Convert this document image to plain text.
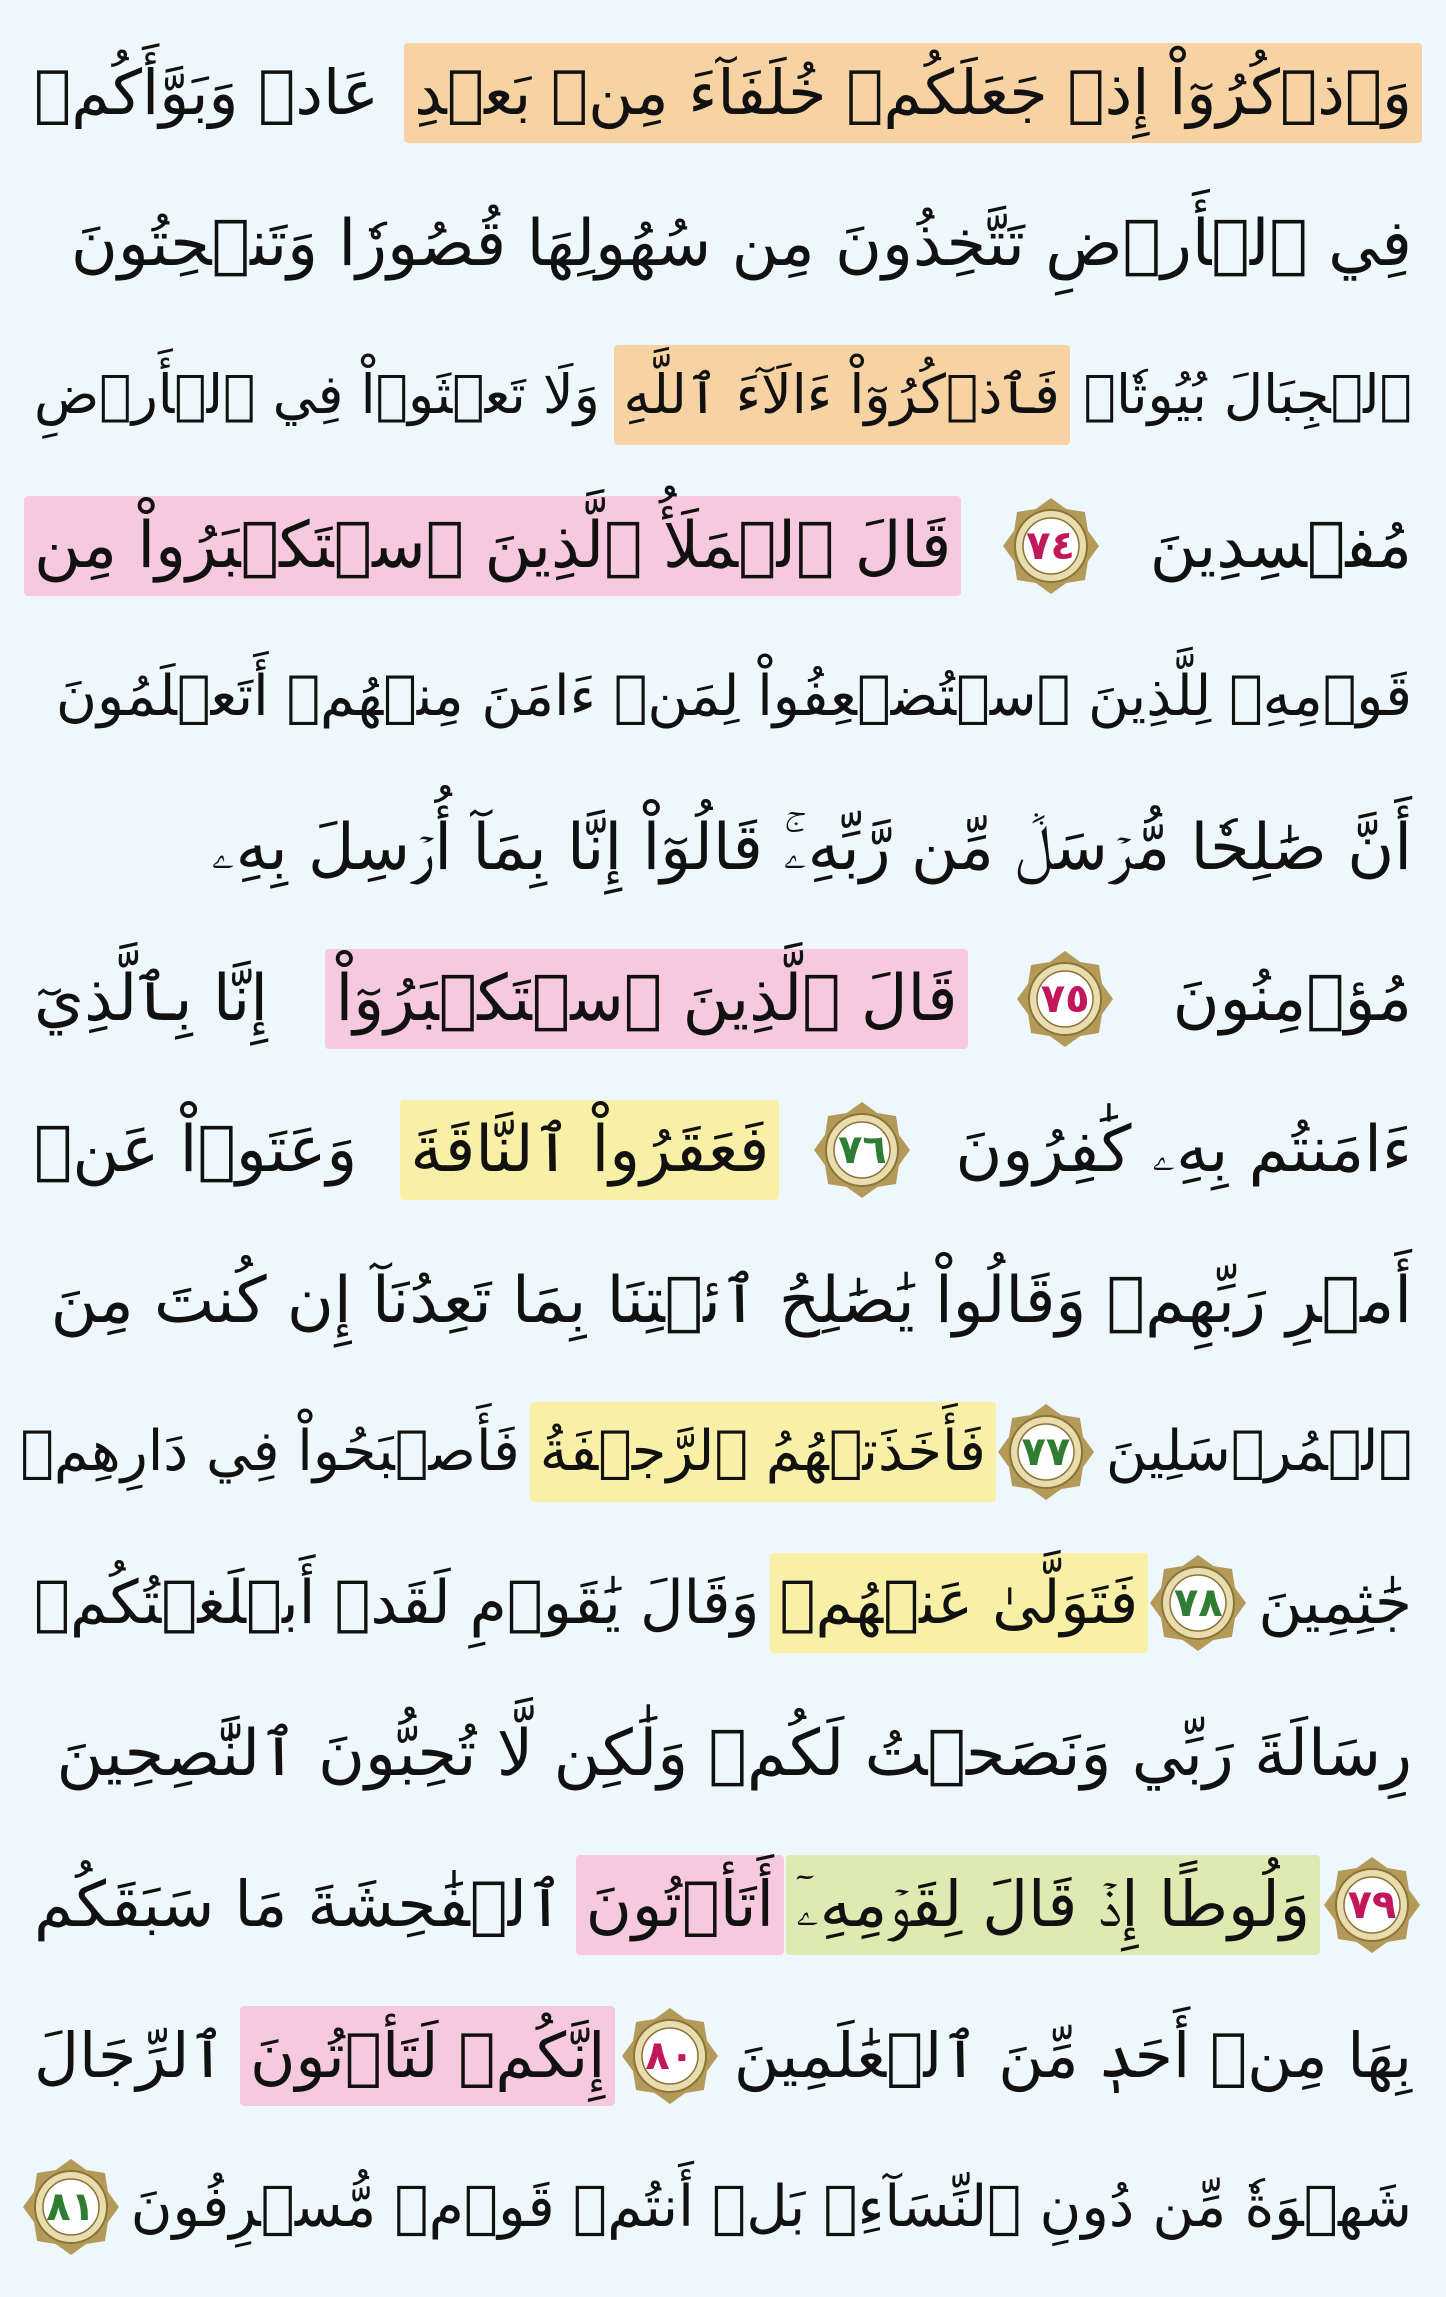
وَٱذۡكُرُوٓاْ إِذۡ جَعَلَكُمۡ خُلَفَآءَ مِنۢ بَعۡدِ
عَادٖ وَبَوَّأَكُمۡ
فِي ٱلۡأَرۡضِ تَتَّخِذُونَ مِن سُهُولِهَا قُصُورٗا وَتَنۡحِتُونَ
ٱلۡجِبَالَ بُيُوتٗاۖ
فَٱذۡكُرُوٓاْ ءَالَآءَ ٱللَّهِ
وَلَا تَعۡثَوۡاْ فِي ٱلۡأَرۡضِ
مُفۡسِدِينَ
٧٤
قَالَ ٱلۡمَلَأُ ٱلَّذِينَ ٱسۡتَكۡبَرُواْ مِن
قَوۡمِهِۦ لِلَّذِينَ ٱسۡتُضۡعِفُواْ لِمَنۡ ءَامَنَ مِنۡهُمۡ أَتَعۡلَمُونَ
أَنَّ صَٰلِحٗا مُّرۡسَلٞ مِّن رَّبِّهِۦۚ قَالُوٓاْ إِنَّا بِمَآ أُرۡسِلَ بِهِۦ
مُؤۡمِنُونَ
٧٥
قَالَ ٱلَّذِينَ ٱسۡتَكۡبَرُوٓاْ
إِنَّا بِٱلَّذِيٓ
ءَامَنتُم بِهِۦ كَٰفِرُونَ
٧٦
فَعَقَرُواْ ٱلنَّاقَةَ
وَعَتَوۡاْ عَنۡ
أَمۡرِ رَبِّهِمۡ وَقَالُواْ يَٰصَٰلِحُ ٱئۡتِنَا بِمَا تَعِدُنَآ إِن كُنتَ مِنَ
ٱلۡمُرۡسَلِينَ
٧٧
فَأَخَذَتۡهُمُ ٱلرَّجۡفَةُ
فَأَصۡبَحُواْ فِي دَارِهِمۡ
جَٰثِمِينَ
٧٨
فَتَوَلَّىٰ عَنۡهُمۡ
وَقَالَ يَٰقَوۡمِ لَقَدۡ أَبۡلَغۡتُكُمۡ
رِسَالَةَ رَبِّي وَنَصَحۡتُ لَكُمۡ وَلَٰكِن لَّا تُحِبُّونَ ٱلنَّٰصِحِينَ
٧٩
وَلُوطًا إِذۡ قَالَ لِقَوۡمِهِۦٓ
أَتَأۡتُونَ
ٱلۡفَٰحِشَةَ مَا سَبَقَكُم
بِهَا مِنۡ أَحَدٖ مِّنَ ٱلۡعَٰلَمِينَ
٨٠
إِنَّكُمۡ لَتَأۡتُونَ
ٱلرِّجَالَ
شَهۡوَةٗ مِّن دُونِ ٱلنِّسَآءِۚ بَلۡ أَنتُمۡ قَوۡمٞ مُّسۡرِفُونَ
٨١
